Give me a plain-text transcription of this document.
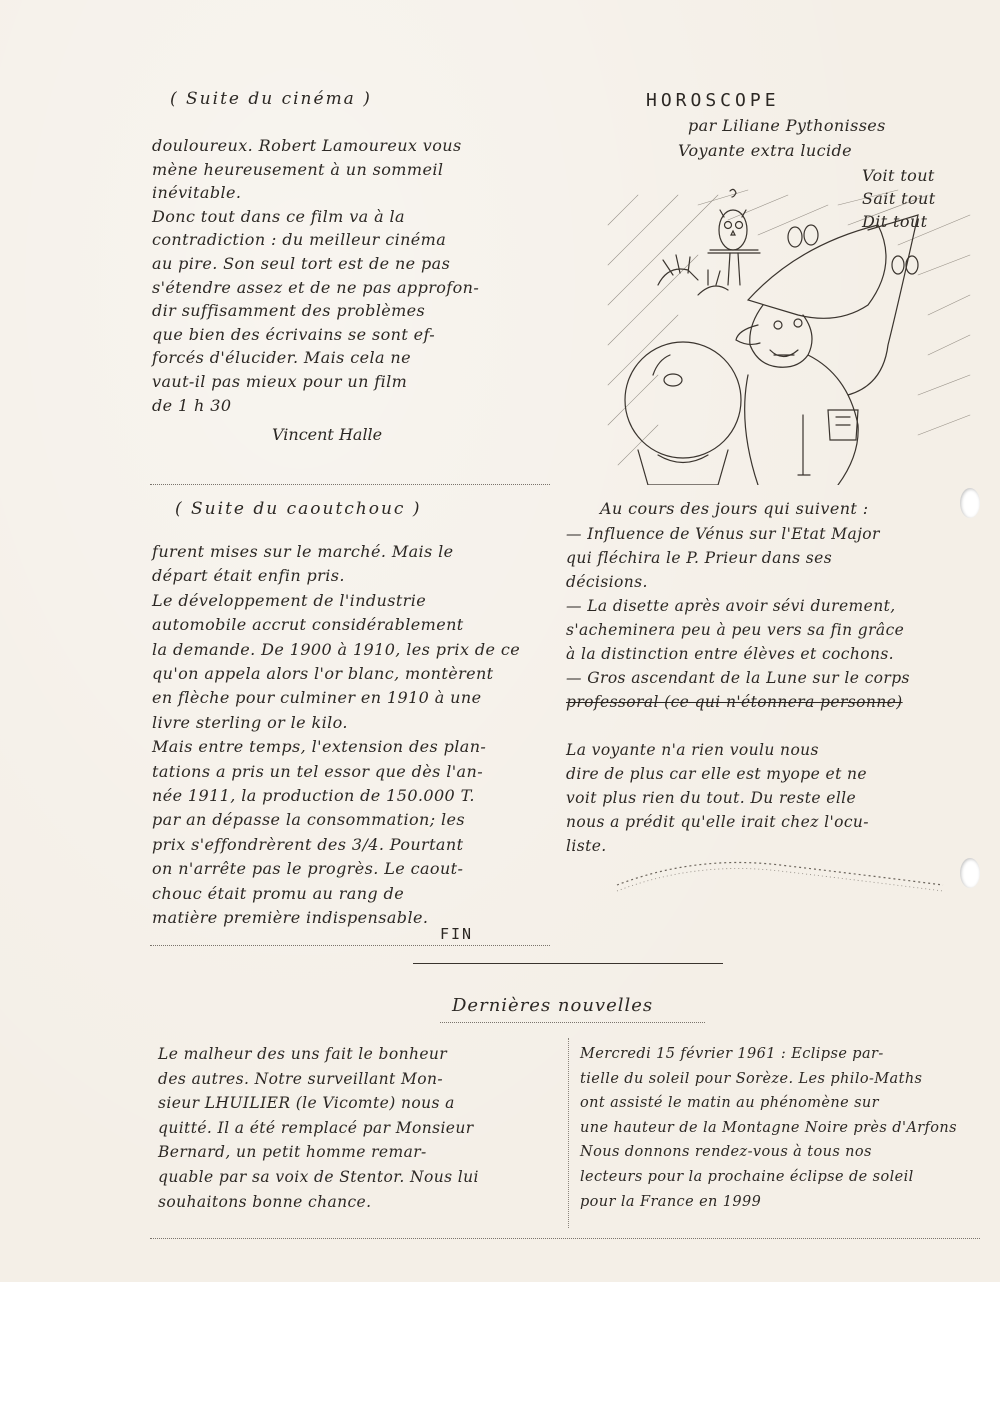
( Suite du cinéma )

douloureux. Robert Lamoureux vous

mène heureusement à un sommeil

inévitable.

Donc tout dans ce film va à la

contradiction : du meilleur cinéma

au pire. Son seul tort est de ne pas

s'étendre assez et de ne pas approfon-

dir suffisamment des problèmes

que bien des écrivains se sont ef-

forcés d'élucider. Mais cela ne

vaut-il pas mieux pour un film

de 1 h 30

Vincent Halle
( Suite du caoutchouc )

furent mises sur le marché. Mais le

départ était enfin pris.

Le développement de l'industrie

automobile accrut considérablement

la demande. De 1900 à 1910, les prix de ce

qu'on appela alors l'or blanc, montèrent

en flèche pour culminer en 1910 à une

livre sterling or le kilo.

Mais entre temps, l'extension des plan-

tations a pris un tel essor que dès l'an-

née 1911, la production de 150.000 T.

par an dépasse la consommation; les

prix s'effondrèrent des 3/4. Pourtant

on n'arrête pas le progrès. Le caout-

chouc était promu au rang de

matière première indispensable.

FIN
HOROSCOPE
par Liliane Pythonisses
Voyante extra lucide
Voit tout
Sait tout
Dit tout
Au cours des jours qui suivent :

— Influence de Vénus sur l'Etat Major

qui fléchira le P. Prieur dans ses

décisions.

— La disette après avoir sévi durement,

s'acheminera peu à peu vers sa fin grâce

à la distinction entre élèves et cochons.

— Gros ascendant de la Lune sur le corps

professoral (ce qui n'étonnera personne)

La voyante n'a rien voulu nous

dire de plus car elle est myope et ne

voit plus rien du tout. Du reste elle

nous a prédit qu'elle irait chez l'ocu-

liste.

Dernières nouvelles

Le malheur des uns fait le bonheur

des autres. Notre surveillant Mon-

sieur LHUILIER (le Vicomte) nous a

quitté. Il a été remplacé par Monsieur

Bernard, un petit homme remar-

quable par sa voix de Stentor. Nous lui

souhaitons bonne chance.

Mercredi 15 février 1961 : Eclipse par-

tielle du soleil pour Sorèze. Les philo-Maths

ont assisté le matin au phénomène sur

une hauteur de la Montagne Noire près d'Arfons

Nous donnons rendez-vous à tous nos

lecteurs pour la prochaine éclipse de soleil

pour la France en 1999
